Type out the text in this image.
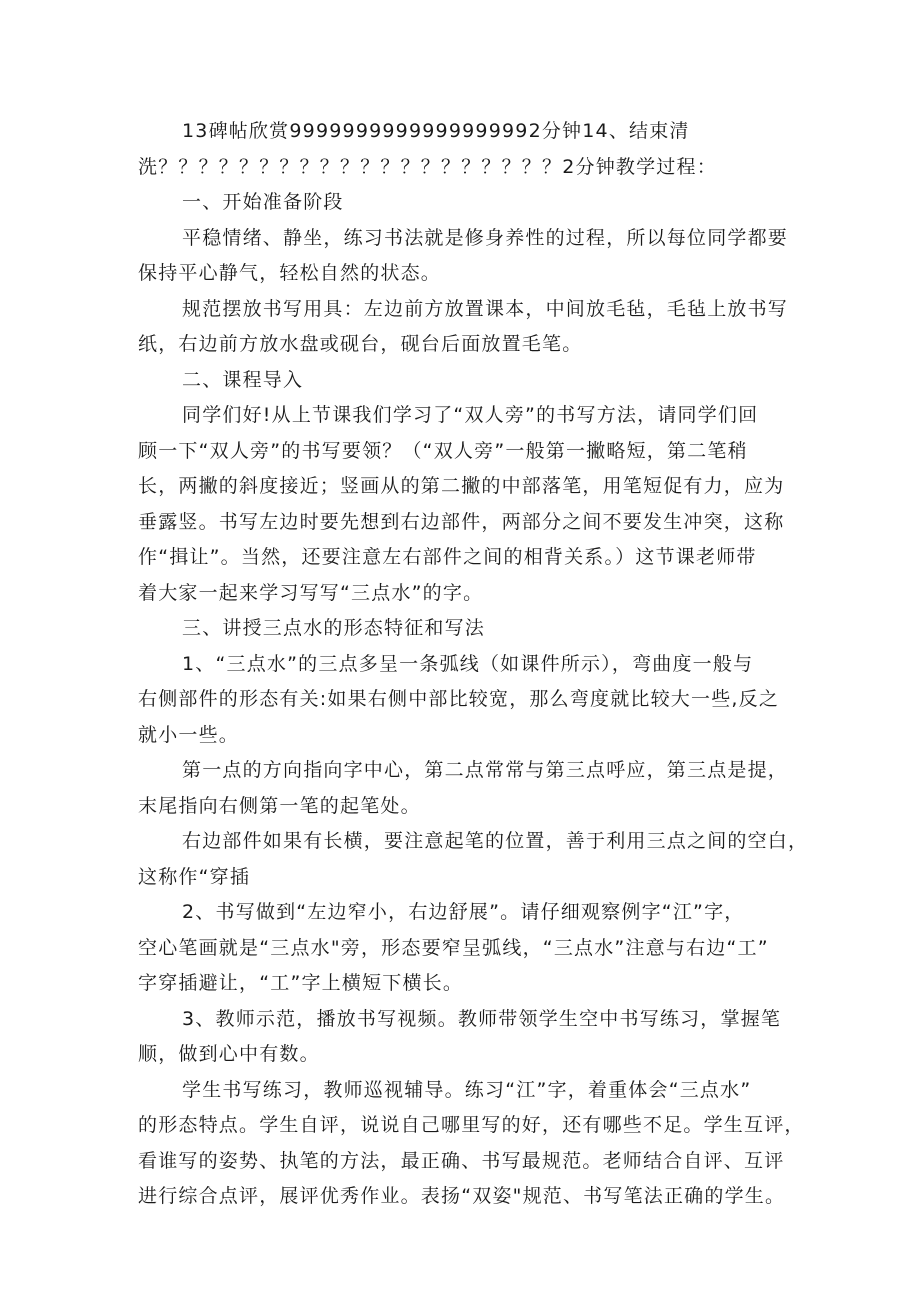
13碑帖欣赏9999999999999999992分钟14、结束清
洗？？？？？？？？？？？？？？？？？？？？2分钟教学过程：
一、开始准备阶段
平稳情绪、静坐，练习书法就是修身养性的过程，所以每位同学都要
保持平心静气，轻松自然的状态。
规范摆放书写用具：左边前方放置课本，中间放毛毡，毛毡上放书写
纸，右边前方放水盘或砚台，砚台后面放置毛笔。
二、课程导入
同学们好!从上节课我们学习了“双人旁”的书写方法，请同学们回
顾一下“双人旁”的书写要领？（“双人旁”一般第一撇略短，第二笔稍
长，两撇的斜度接近；竖画从的第二撇的中部落笔，用笔短促有力，应为
垂露竖。书写左边时要先想到右边部件，两部分之间不要发生冲突，这称
作“揖让”。当然，还要注意左右部件之间的相背关系。）这节课老师带
着大家一起来学习写写“三点水”的字。
三、讲授三点水的形态特征和写法
1、“三点水”的三点多呈一条弧线（如课件所示），弯曲度一般与
右侧部件的形态有关:如果右侧中部比较宽，那么弯度就比较大一些,反之
就小一些。
第一点的方向指向字中心，第二点常常与第三点呼应，第三点是提，
末尾指向右侧第一笔的起笔处。
右边部件如果有长横，要注意起笔的位置，善于利用三点之间的空白，
这称作“穿插
2、书写做到“左边窄小，右边舒展”。请仔细观察例字“江”字，
空心笔画就是“三点水"旁，形态要窄呈弧线，“三点水”注意与右边“工”
字穿插避让，“工”字上横短下横长。
3、教师示范，播放书写视频。教师带领学生空中书写练习，掌握笔
顺，做到心中有数。
学生书写练习，教师巡视辅导。练习“江”字，着重体会“三点水”
的形态特点。学生自评，说说自己哪里写的好，还有哪些不足。学生互评，
看谁写的姿势、执笔的方法，最正确、书写最规范。老师结合自评、互评
进行综合点评，展评优秀作业。表扬“双姿"规范、书写笔法正确的学生。
